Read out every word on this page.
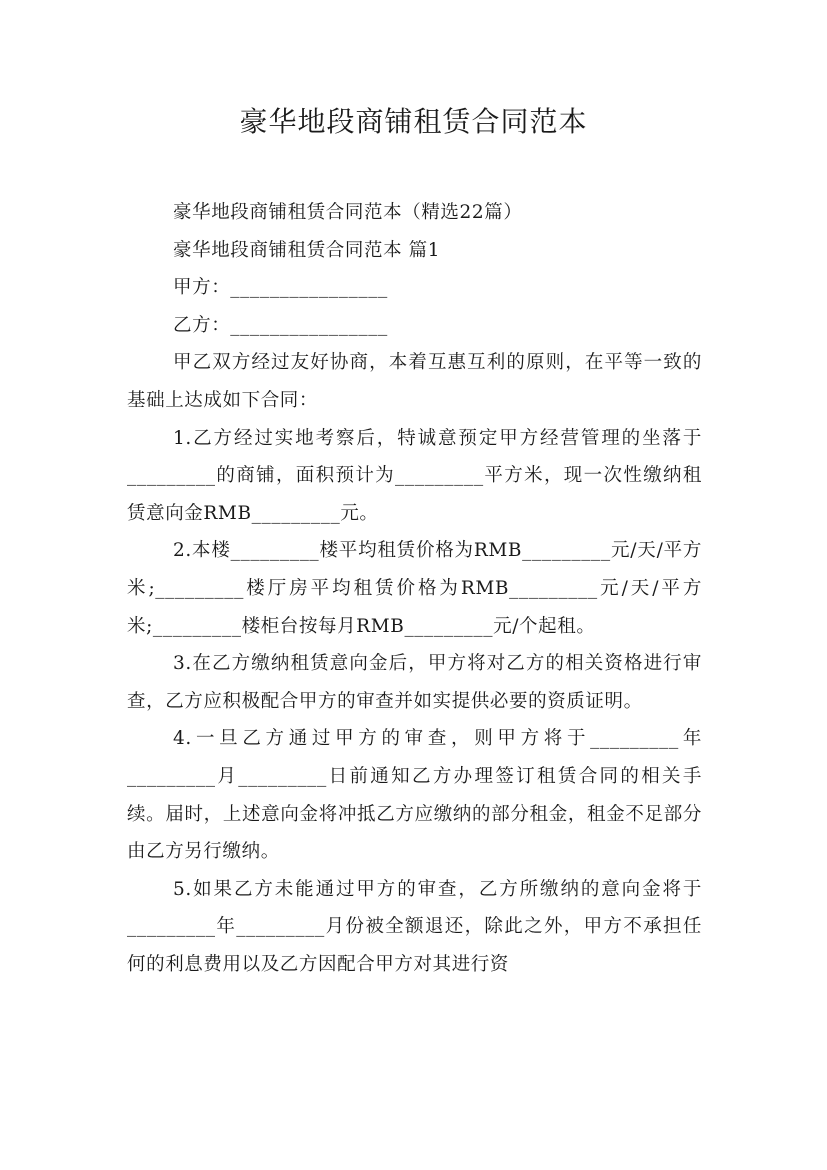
豪华地段商铺租赁合同范本

豪华地段商铺租赁合同范本（精选22篇）

豪华地段商铺租赁合同范本 篇1

甲方：________________

乙方：________________

甲乙双方经过友好协商，本着互惠互利的原则，在平等一致的基础上达成如下合同：

1.乙方经过实地考察后，特诚意预定甲方经营管理的坐落于_________的商铺，面积预计为_________平方米，现一次性缴纳租赁意向金RMB_________元。

2.本楼_________楼平均租赁价格为RMB_________元/天/平方米;_________楼厅房平均租赁价格为RMB_________元/天/平方米;_________楼柜台按每月RMB_________元/个起租。

3.在乙方缴纳租赁意向金后，甲方将对乙方的相关资格进行审查，乙方应积极配合甲方的审查并如实提供必要的资质证明。

4.一旦乙方通过甲方的审查，则甲方将于_________年_________月_________日前通知乙方办理签订租赁合同的相关手续。届时，上述意向金将冲抵乙方应缴纳的部分租金，租金不足部分由乙方另行缴纳。

5.如果乙方未能通过甲方的审查，乙方所缴纳的意向金将于_________年_________月份被全额退还，除此之外，甲方不承担任何的利息费用以及乙方因配合甲方对其进行资
